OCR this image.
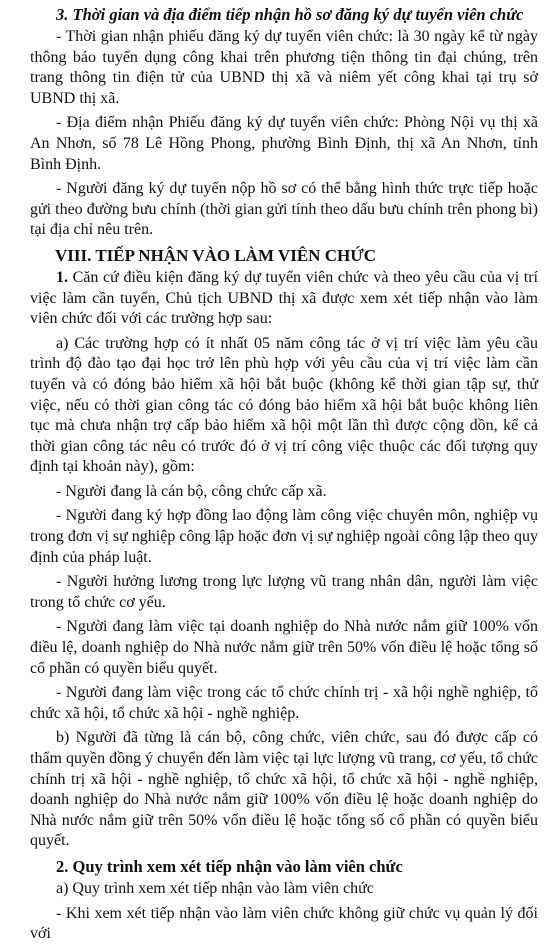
3. Thời gian và địa điểm tiếp nhận hồ sơ đăng ký dự tuyển viên chức

- Thời gian nhận phiếu đăng ký dự tuyển viên chức: là 30 ngày kể từ ngày thông báo tuyển dụng công khai trên phương tiện thông tin đại chúng, trên trang thông tin điện tử của UBND thị xã và niêm yết công khai tại trụ sở UBND thị xã.

- Địa điểm nhận Phiếu đăng ký dự tuyển viên chức: Phòng Nội vụ thị xã An Nhơn, số 78 Lê Hồng Phong, phường Bình Định, thị xã An Nhơn, tỉnh Bình Định.

- Người đăng ký dự tuyển nộp hồ sơ có thể bằng hình thức trực tiếp hoặc gửi theo đường bưu chính (thời gian gửi tính theo dấu bưu chính trên phong bì) tại địa chỉ nêu trên.

VIII. TIẾP NHẬN VÀO LÀM VIÊN CHỨC

1. Căn cứ điều kiện đăng ký dự tuyển viên chức và theo yêu cầu của vị trí việc làm cần tuyển, Chủ tịch UBND thị xã được xem xét tiếp nhận vào làm viên chức đối với các trường hợp sau:

a) Các trường hợp có ít nhất 05 năm công tác ở vị trí việc làm yêu cầu trình độ đào tạo đại học trở lên phù hợp với yêu cầu của vị trí việc làm cần tuyển và có đóng bảo hiểm xã hội bắt buộc (không kể thời gian tập sự, thử việc, nếu có thời gian công tác có đóng bảo hiểm xã hội bắt buộc không liên tục mà chưa nhận trợ cấp bảo hiểm xã hội một lần thì được cộng dồn, kể cả thời gian công tác nêu có trước đó ở vị trí công việc thuộc các đối tượng quy định tại khoản này), gồm:

- Người đang là cán bộ, công chức cấp xã.

- Người đang ký hợp đồng lao động làm công việc chuyên môn, nghiệp vụ trong đơn vị sự nghiệp công lập hoặc đơn vị sự nghiệp ngoài công lập theo quy định của pháp luật.

- Người hưởng lương trong lực lượng vũ trang nhân dân, người làm việc trong tổ chức cơ yếu.

- Người đang làm việc tại doanh nghiệp do Nhà nước nắm giữ 100% vốn điều lệ, doanh nghiệp do Nhà nước nắm giữ trên 50% vốn điều lệ hoặc tổng số cổ phần có quyền biểu quyết.

- Người đang làm việc trong các tổ chức chính trị - xã hội nghề nghiệp, tổ chức xã hội, tổ chức xã hội - nghề nghiệp.

b) Người đã từng là cán bộ, công chức, viên chức, sau đó được cấp có thẩm quyền đồng ý chuyển đến làm việc tại lực lượng vũ trang, cơ yếu, tổ chức chính trị xã hội - nghề nghiệp, tổ chức xã hội, tổ chức xã hội - nghề nghiệp, doanh nghiệp do Nhà nước nắm giữ 100% vốn điều lệ hoặc doanh nghiệp do Nhà nước nắm giữ trên 50% vốn điều lệ hoặc tổng số cổ phần có quyền biểu quyết.

2. Quy trình xem xét tiếp nhận vào làm viên chức

a) Quy trình xem xét tiếp nhận vào làm viên chức

- Khi xem xét tiếp nhận vào làm viên chức không giữ chức vụ quản lý đối với
